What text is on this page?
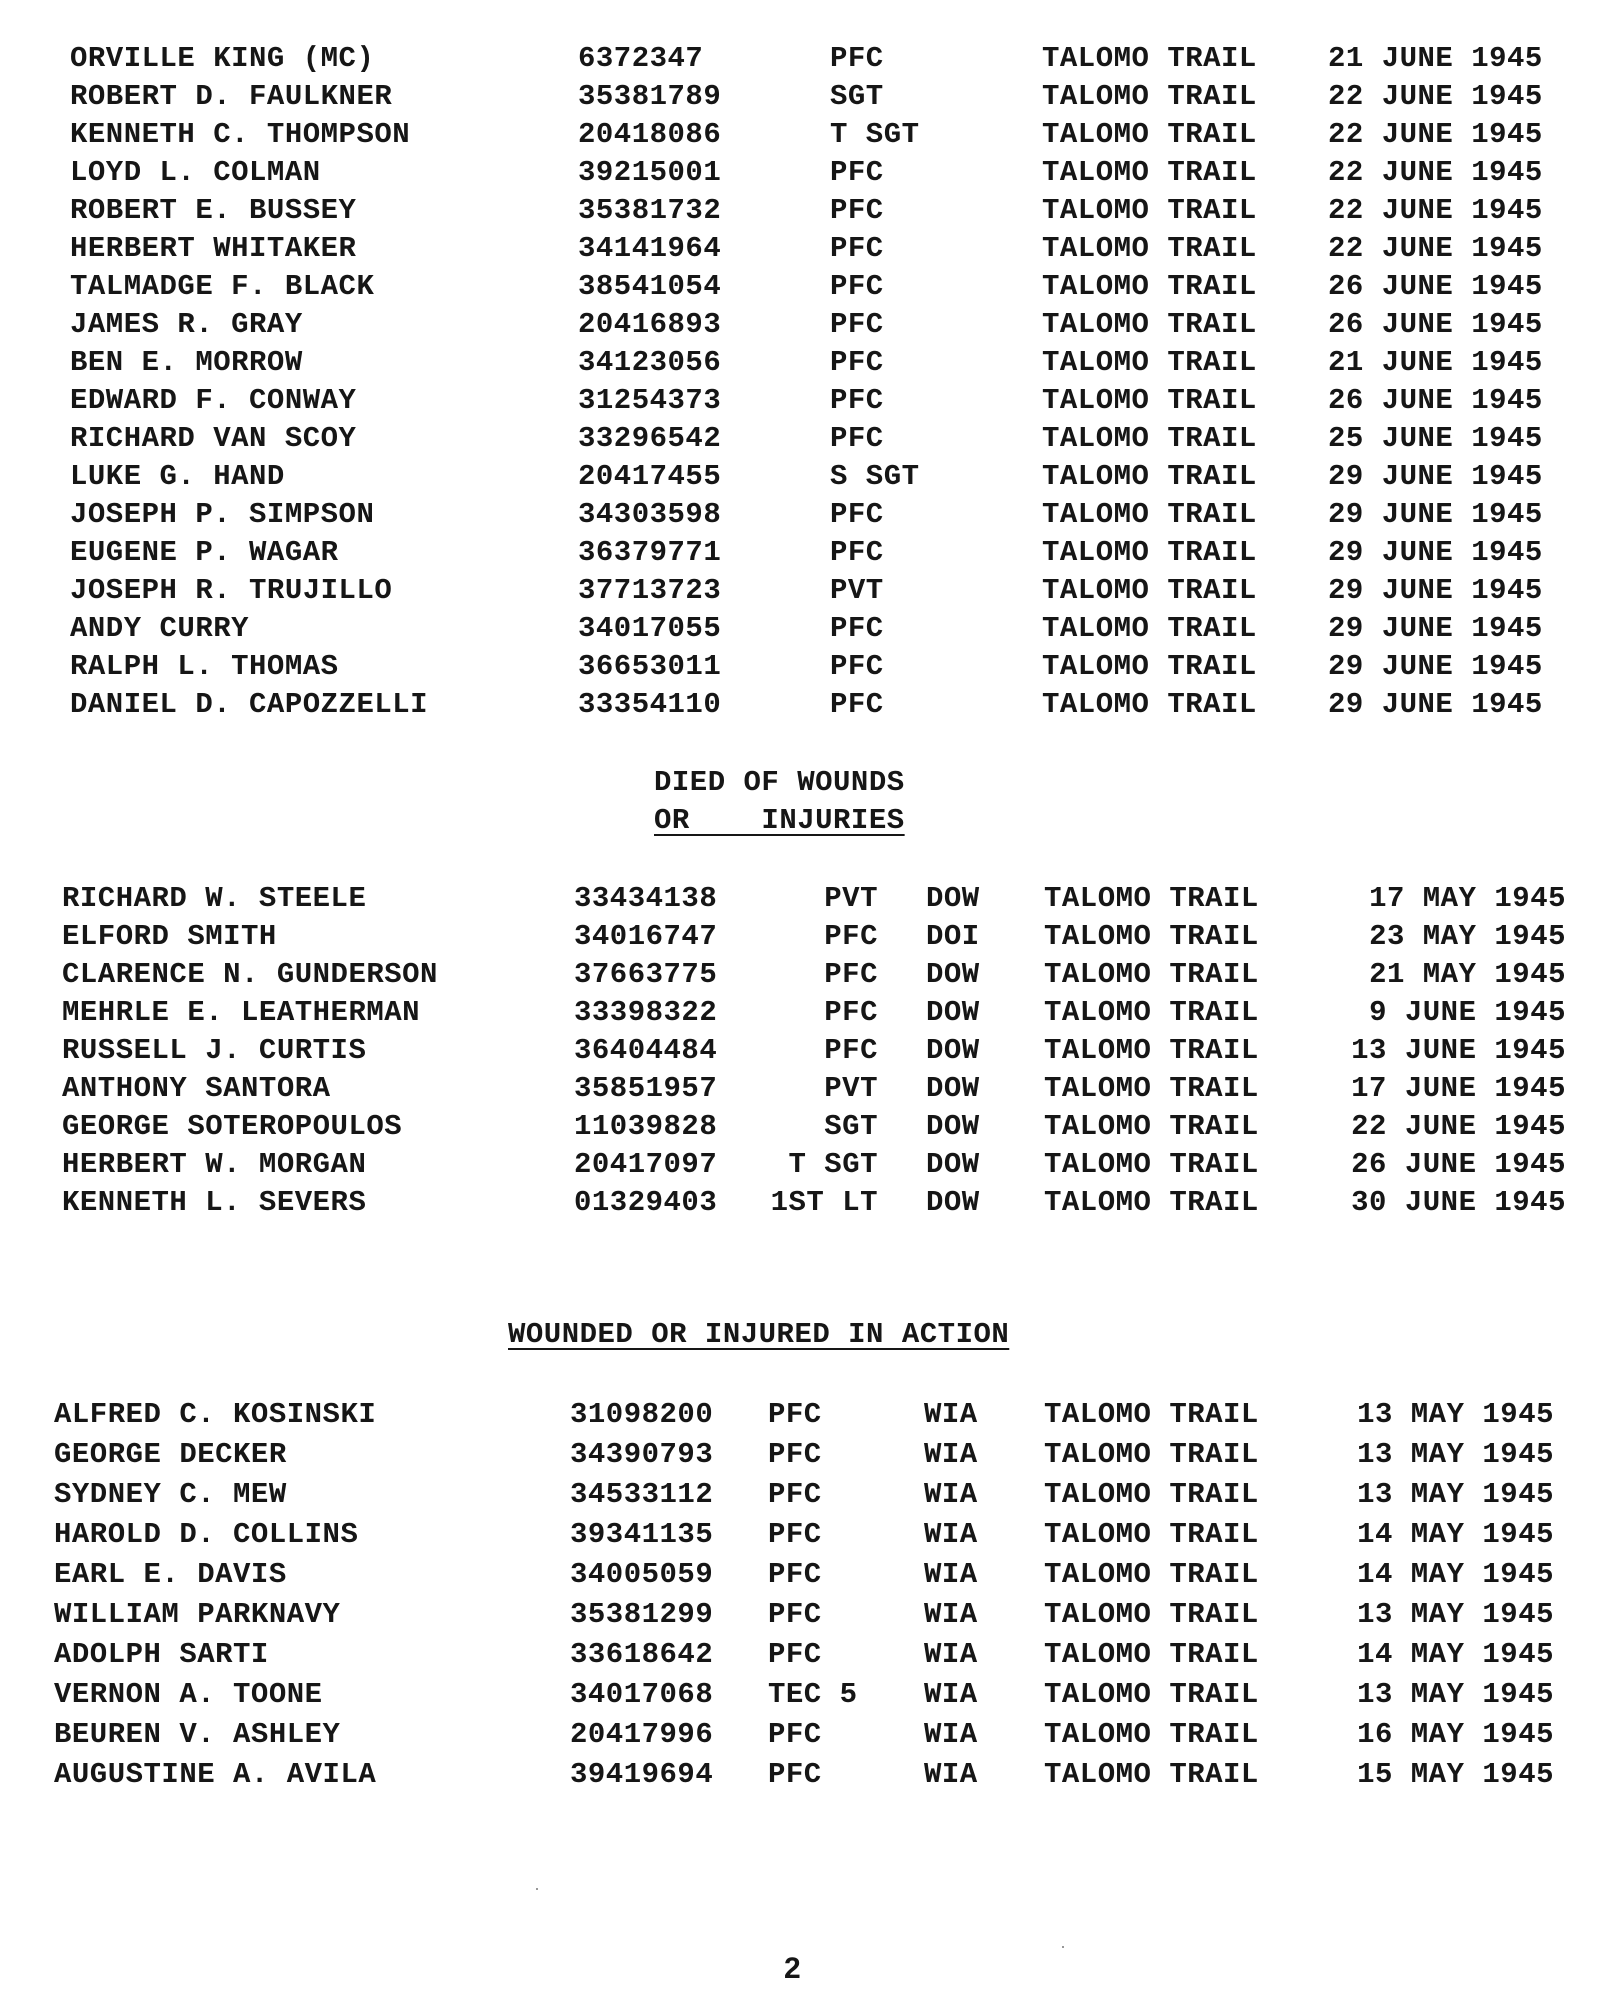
ORVILLE KING (MC)	6372347	PFC	TALOMO TRAIL 21 JUNE 1945
ROBERT D. FAULKNER	35381789	SGT	TALOMO TRAIL 22 JUNE 1945
KENNETH C. THOMPSON	20418086	T SGT	TALOMO TRAIL 22 JUNE 1945
LOYD L. COLMAN	39215001	PFC	TALOMO TRAIL 22 JUNE 1945
ROBERT E. BUSSEY	35381732	PFC	TALOMO TRAIL 22 JUNE 1945
HERBERT WHITAKER	34141964	PFC	TALOMO TRAIL 22 JUNE 1945
TALMADGE F. BLACK	38541054	PFC	TALOMO TRAIL 26 JUNE 1945
JAMES R. GRAY	20416893	PFC	TALOMO TRAIL 26 JUNE 1945
BEN E. MORROW	34123056	PFC	TALOMO TRAIL 21 JUNE 1945
EDWARD F. CONWAY	31254373	PFC	TALOMO TRAIL 26 JUNE 1945
RICHARD VAN SCOY	33296542	PFC	TALOMO TRAIL 25 JUNE 1945
LUKE G. HAND	20417455	S SGT	TALOMO TRAIL 29 JUNE 1945
JOSEPH P. SIMPSON	34303598	PFC	TALOMO TRAIL 29 JUNE 1945
EUGENE P. WAGAR	36379771	PFC	TALOMO TRAIL 29 JUNE 1945
JOSEPH R. TRUJILLO	37713723	PVT	TALOMO TRAIL 29 JUNE 1945
ANDY CURRY	34017055	PFC	TALOMO TRAIL 29 JUNE 1945
RALPH L. THOMAS	36653011	PFC	TALOMO TRAIL 29 JUNE 1945
DANIEL D. CAPOZZELLI	33354110	PFC	TALOMO TRAIL 29 JUNE 1945
DIED OF WOUNDS
OR    INJURIES
RICHARD W. STEELE	33434138	PVT DOW TALOMO TRAIL	17 MAY 1945
ELFORD SMITH	34016747	PFC DOI TALOMO TRAIL	23 MAY 1945
CLARENCE N. GUNDERSON	37663775	PFC DOW TALOMO TRAIL	21 MAY 1945
MEHRLE E. LEATHERMAN	33398322	PFC DOW TALOMO TRAIL	9 JUNE 1945
RUSSELL J. CURTIS	36404484	PFC DOW TALOMO TRAIL	13 JUNE 1945
ANTHONY SANTORA	35851957	PVT DOW TALOMO TRAIL	17 JUNE 1945
GEORGE SOTEROPOULOS	11039828	SGT DOW TALOMO TRAIL	22 JUNE 1945
HERBERT W. MORGAN	20417097	T SGT DOW TALOMO TRAIL	26 JUNE 1945
KENNETH L. SEVERS	01329403	1ST LT DOW TALOMO TRAIL	30 JUNE 1945
WOUNDED OR INJURED IN ACTION
ALFRED C. KOSINSKI	31098200 PFC	WIA TALOMO TRAIL	13 MAY 1945
GEORGE DECKER	34390793 PFC	WIA TALOMO TRAIL	13 MAY 1945
SYDNEY C. MEW	34533112 PFC	WIA TALOMO TRAIL	13 MAY 1945
HAROLD D. COLLINS	39341135 PFC	WIA TALOMO TRAIL	14 MAY 1945
EARL E. DAVIS	34005059 PFC	WIA TALOMO TRAIL	14 MAY 1945
WILLIAM PARKNAVY	35381299 PFC	WIA TALOMO TRAIL	13 MAY 1945
ADOLPH SARTI	33618642 PFC	WIA TALOMO TRAIL	14 MAY 1945
VERNON A. TOONE	34017068 TEC 5 WIA TALOMO TRAIL	13 MAY 1945
BEUREN V. ASHLEY	20417996 PFC	WIA TALOMO TRAIL	16 MAY 1945
AUGUSTINE A. AVILA	39419694 PFC	WIA TALOMO TRAIL	15 MAY 1945
2
